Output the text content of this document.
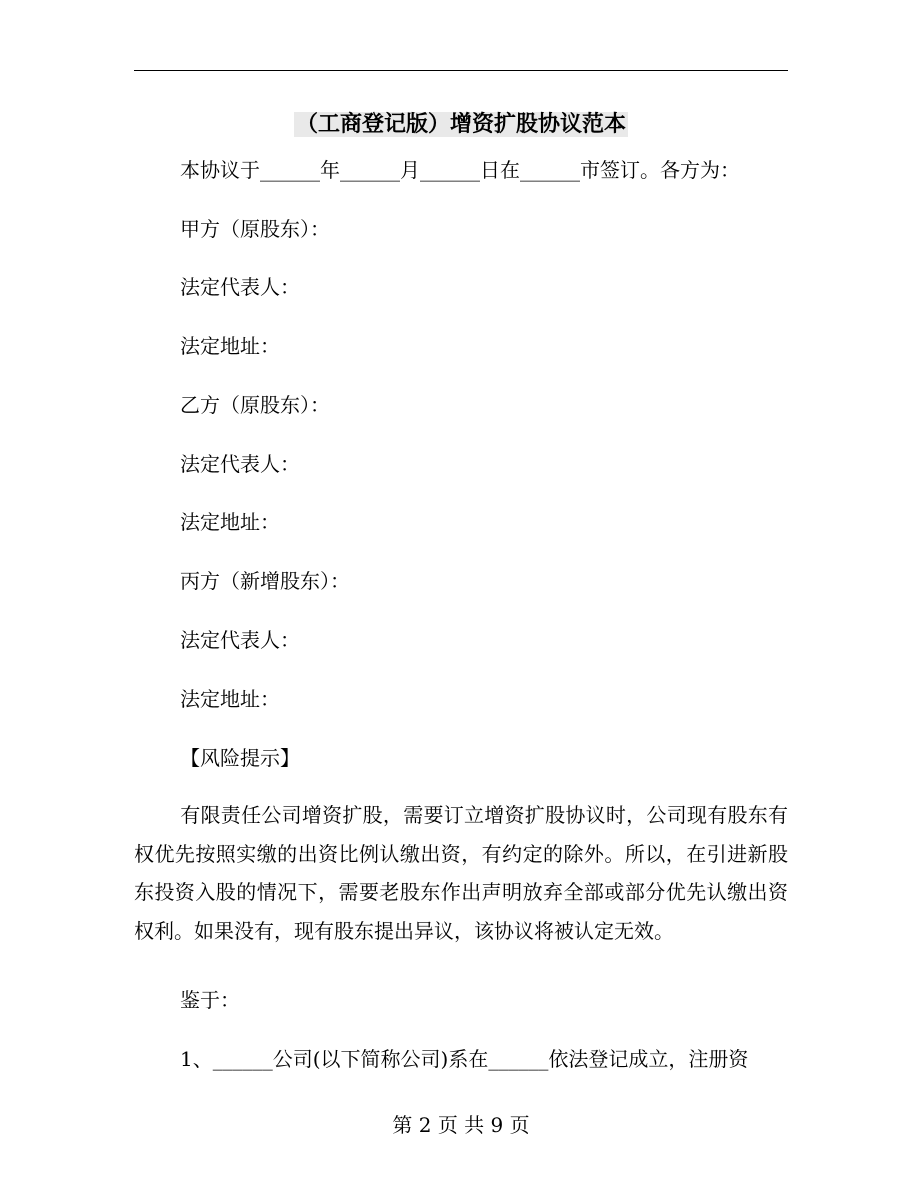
（工商登记版）增资扩股协议范本
本协议于______年______月______日在______市签订。各方为：
甲方（原股东）：
法定代表人：
法定地址：
乙方（原股东）：
法定代表人：
法定地址：
丙方（新增股东）：
法定代表人：
法定地址：
【风险提示】
有限责任公司增资扩股，需要订立增资扩股协议时，公司现有股东有权优先按照实缴的出资比例认缴出资，有约定的除外。所以，在引进新股东投资入股的情况下，需要老股东作出声明放弃全部或部分优先认缴出资权利。如果没有，现有股东提出异议，该协议将被认定无效。
鉴于：
1、______公司(以下简称公司)系在______依法登记成立，注册资
第 2 页 共 9 页
